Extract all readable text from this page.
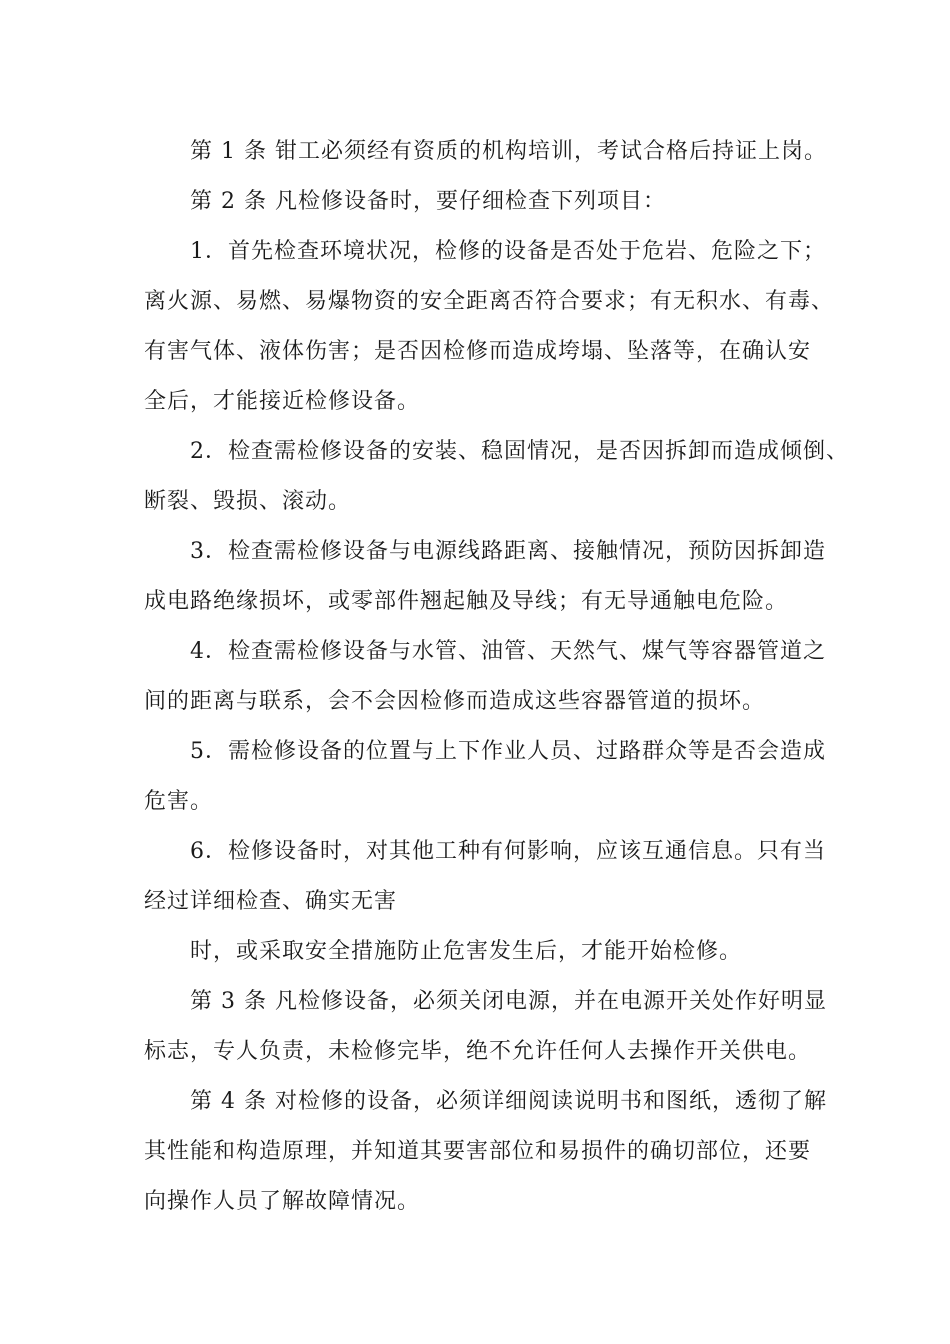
第 1 条 钳工必须经有资质的机构培训，考试合格后持证上岗。
第 2 条 凡检修设备时，要仔细检查下列项目：
1．首先检查环境状况，检修的设备是否处于危岩、危险之下；
离火源、易燃、易爆物资的安全距离否符合要求；有无积水、有毒、
有害气体、液体伤害；是否因检修而造成垮塌、坠落等，在确认安
全后，才能接近检修设备。
2．检查需检修设备的安装、稳固情况，是否因拆卸而造成倾倒、
断裂、毁损、滚动。
3．检查需检修设备与电源线路距离、接触情况，预防因拆卸造
成电路绝缘损坏，或零部件翘起触及导线；有无导通触电危险。
4．检查需检修设备与水管、油管、天然气、煤气等容器管道之
间的距离与联系，会不会因检修而造成这些容器管道的损坏。
5．需检修设备的位置与上下作业人员、过路群众等是否会造成
危害。
6．检修设备时，对其他工种有何影响，应该互通信息。只有当
经过详细检查、确实无害
时，或采取安全措施防止危害发生后，才能开始检修。
第 3 条 凡检修设备，必须关闭电源，并在电源开关处作好明显
标志，专人负责，未检修完毕，绝不允许任何人去操作开关供电。
第 4 条 对检修的设备，必须详细阅读说明书和图纸，透彻了解
其性能和构造原理，并知道其要害部位和易损件的确切部位，还要
向操作人员了解故障情况。
